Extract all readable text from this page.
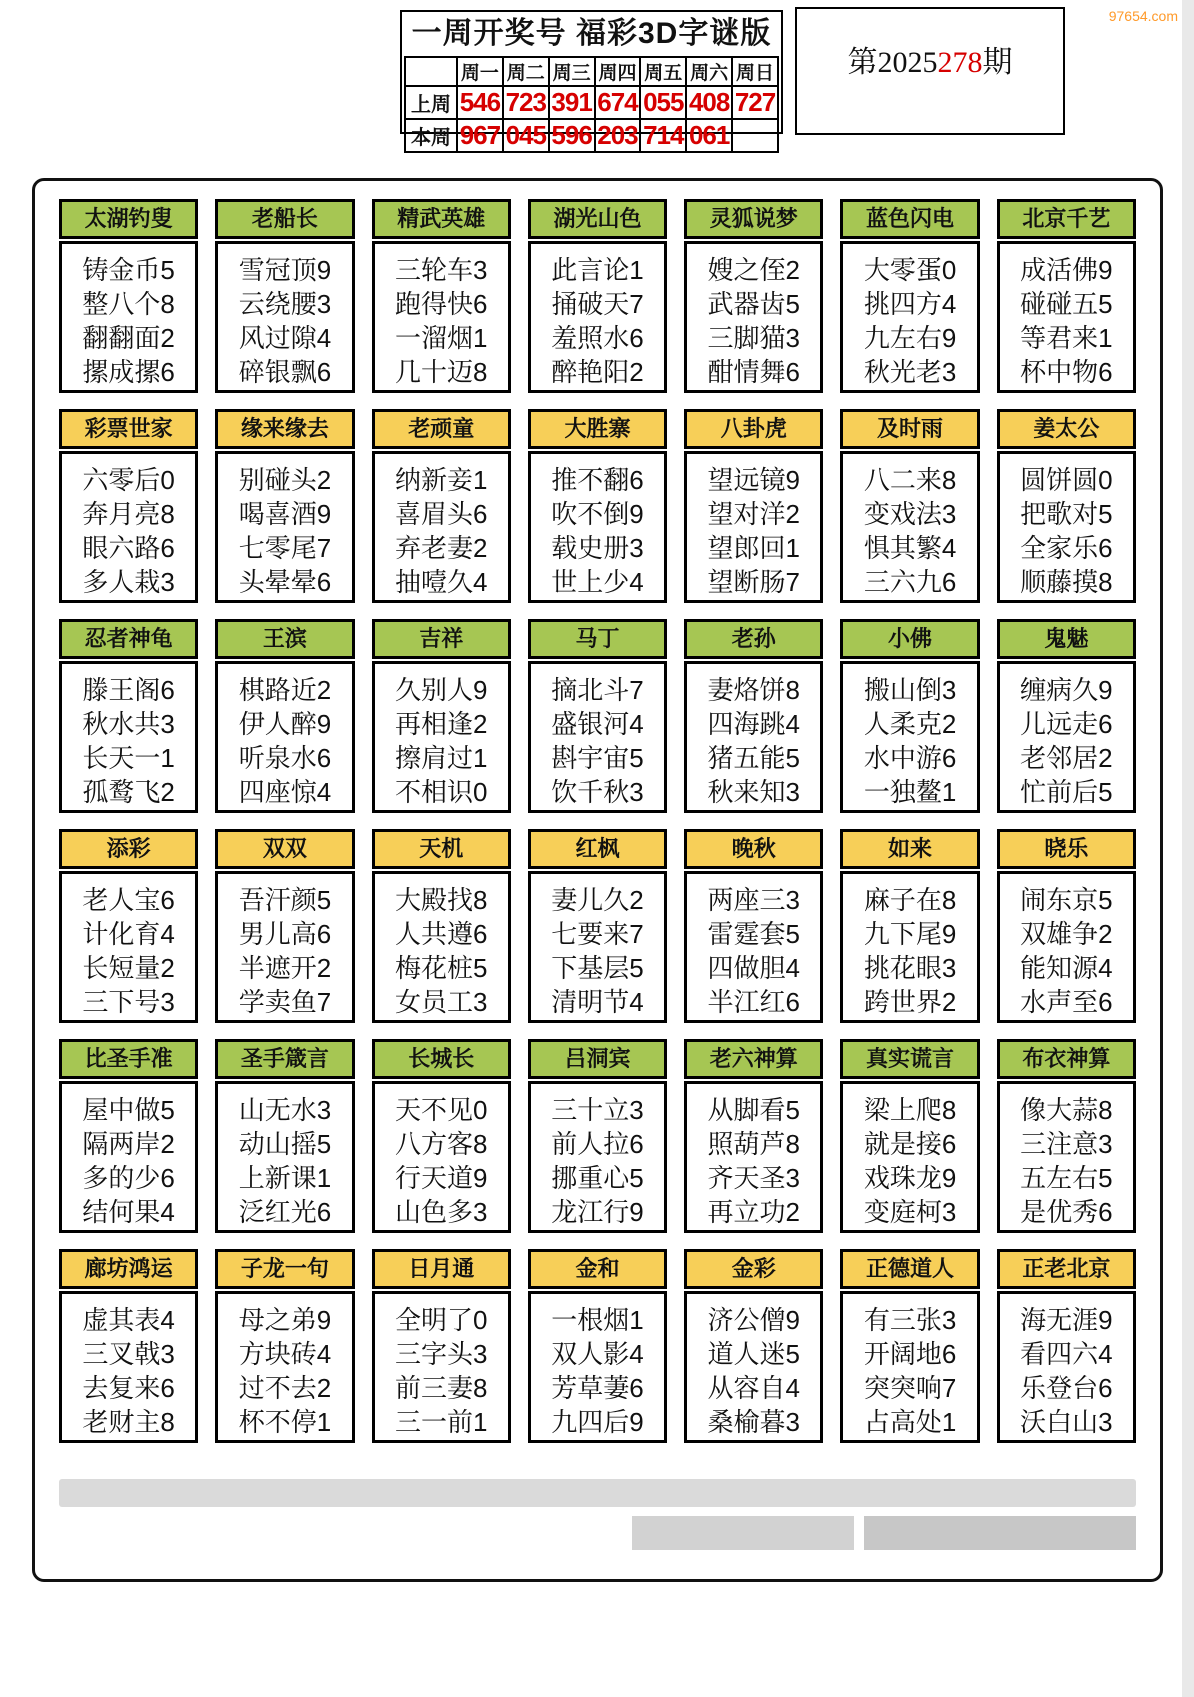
97654.com
一周开奖号 福彩3D字谜版
	周一	周二	周三	周四	周五	周六	周日
上周	546	723	391	674	055	408	727
本周	967	045	596	203	714	061	
第2025278期
太湖钓叟
铸金币5
整八个8
翻翻面2
摞成摞6
老船长
雪冠顶9
云绕腰3
风过隙4
碎银飘6
精武英雄
三轮车3
跑得快6
一溜烟1
几十迈8
湖光山色
此言论1
捅破天7
羞照水6
醉艳阳2
灵狐说梦
嫂之侄2
武器齿5
三脚猫3
酣情舞6
蓝色闪电
大零蛋0
挑四方4
九左右9
秋光老3
北京千艺
成活佛9
碰碰五5
等君来1
杯中物6
彩票世家
六零后0
奔月亮8
眼六路6
多人栽3
缘来缘去
别碰头2
喝喜酒9
七零尾7
头晕晕6
老顽童
纳新妾1
喜眉头6
弃老妻2
抽噎久4
大胜寨
推不翻6
吹不倒9
载史册3
世上少4
八卦虎
望远镜9
望对洋2
望郎回1
望断肠7
及时雨
八二来8
变戏法3
惧其繁4
三六九6
姜太公
圆饼圆0
把歌对5
全家乐6
顺藤摸8
忍者神龟
滕王阁6
秋水共3
长天一1
孤鹜飞2
王滨
棋路近2
伊人醉9
听泉水6
四座惊4
吉祥
久别人9
再相逢2
擦肩过1
不相识0
马丁
摘北斗7
盛银河4
斟宇宙5
饮千秋3
老孙
妻烙饼8
四海跳4
猪五能5
秋来知3
小佛
搬山倒3
人柔克2
水中游6
一独鳌1
鬼魅
缠病久9
儿远走6
老邻居2
忙前后5
添彩
老人宝6
计化育4
长短量2
三下号3
双双
吾汗颜5
男儿高6
半遮开2
学卖鱼7
天机
大殿找8
人共遵6
梅花桩5
女员工3
红枫
妻儿久2
七要来7
下基层5
清明节4
晚秋
两座三3
雷霆套5
四做胆4
半江红6
如来
麻子在8
九下尾9
挑花眼3
跨世界2
晓乐
闹东京5
双雄争2
能知源4
水声至6
比圣手准
屋中做5
隔两岸2
多的少6
结何果4
圣手箴言
山无水3
动山摇5
上新课1
泛红光6
长城长
天不见0
八方客8
行天道9
山色多3
吕洞宾
三十立3
前人拉6
挪重心5
龙江行9
老六神算
从脚看5
照葫芦8
齐天圣3
再立功2
真实谎言
梁上爬8
就是接6
戏珠龙9
变庭柯3
布衣神算
像大蒜8
三注意3
五左右5
是优秀6
廊坊鸿运
虚其表4
三叉戟3
去复来6
老财主8
子龙一句
母之弟9
方块砖4
过不去2
杯不停1
日月通
全明了0
三字头3
前三妻8
三一前1
金和
一根烟1
双人影4
芳草萋6
九四后9
金彩
济公僧9
道人迷5
从容自4
桑榆暮3
正德道人
有三张3
开阔地6
突突响7
占高处1
正老北京
海无涯9
看四六4
乐登台6
沃白山3
